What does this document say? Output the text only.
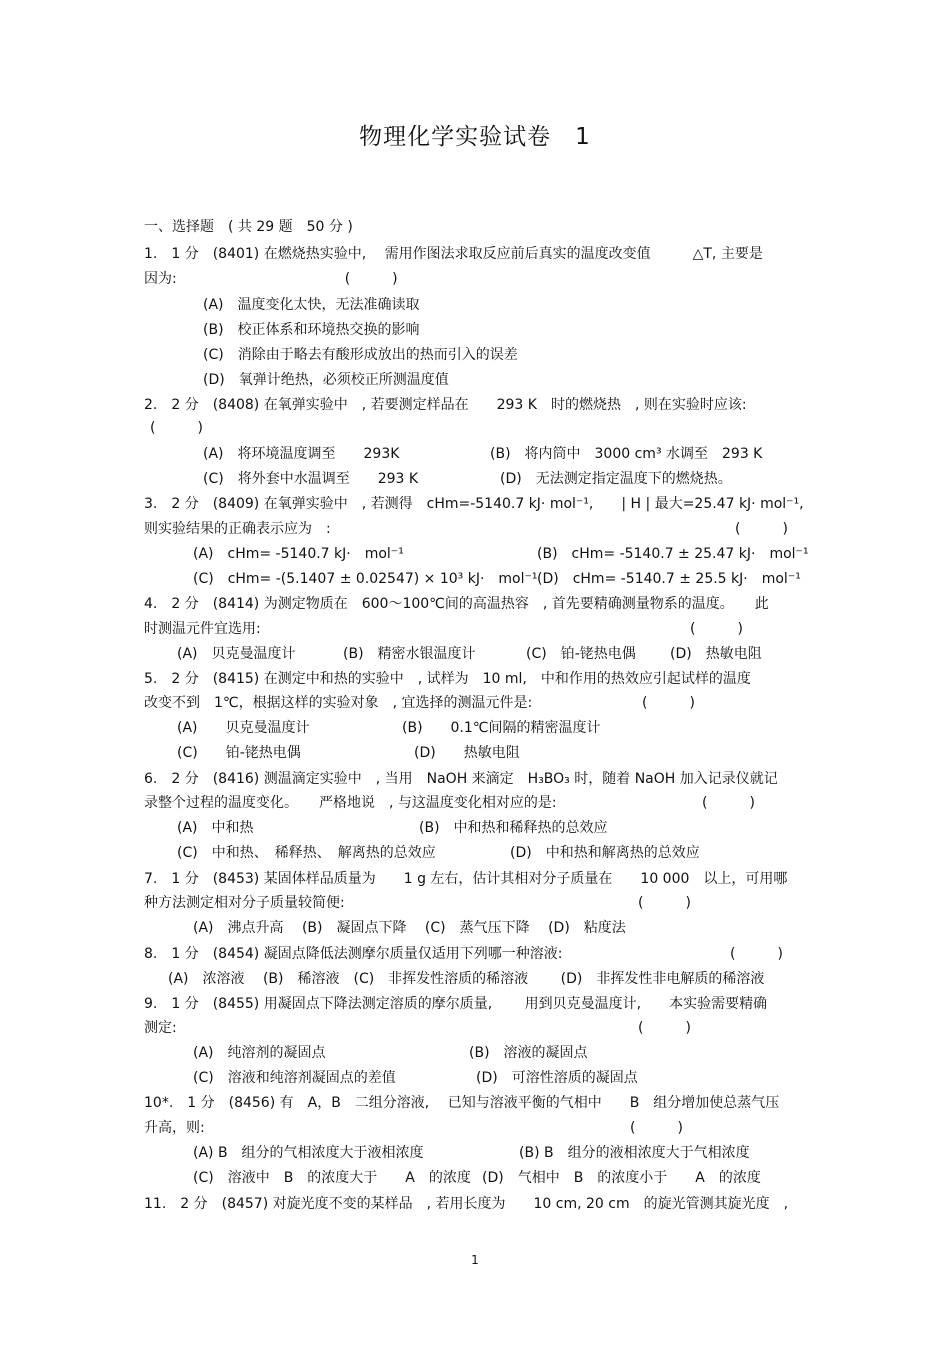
物理化学实验试卷　1
一、选择题　( 共 29 题　50 分 )
1.　1 分　(8401) 在燃烧热实验中,　 需用作图法求取反应前后真实的温度改变值　　　△T, 主要是
因为:　　　　　　　　　　　　(　　　)
(A)　温度变化太快，无法准确读取
(B)　校正体系和环境热交换的影响
(C)　消除由于略去有酸形成放出的热而引入的误差
(D)　氧弹计绝热，必须校正所测温度值
2.　2 分　(8408) 在氧弹实验中　, 若要测定样品在　　293 K　时的燃烧热　, 则在实验时应该:
(　　　)
(A)　将环境温度调至　　293K	(B)　将内筒中　3000 cm³ 水调至　293 K
(C)　将外套中水温调至　　293 K	(D)　无法测定指定温度下的燃烧热。
3.　2 分　(8409) 在氧弹实验中　, 若测得　cHm=-5140.7 kJ· mol⁻¹,　　| H | 最大=25.47 kJ· mol⁻¹,
则实验结果的正确表示应为　:	(　　　)
(A)　cHm= -5140.7 kJ·　mol⁻¹	(B)　cHm= -5140.7 ± 25.47 kJ·　mol⁻¹
(C)　cHm= -(5.1407 ± 0.02547) × 10³ kJ·　mol⁻¹ (D)　cHm= -5140.7 ± 25.5 kJ·　mol⁻¹
4.　2 分　(8414) 为测定物质在　600～100℃间的高温热容　, 首先要精确测量物系的温度。　　此
时测温元件宜选用:	(　　　)
(A)　贝克曼温度计	(B)　精密水银温度计	(C)　铂-铑热电偶 (D)　热敏电阻
5.　2 分　(8415) 在测定中和热的实验中　, 试样为　10 ml,　中和作用的热效应引起试样的温度
改变不到　1℃，根据这样的实验对象　, 宜选择的测温元件是:	(　　　)
(A)　　贝克曼温度计	(B)　　0.1℃间隔的精密温度计
(C)　　铂-铑热电偶	(D)　　热敏电阻
6.　2 分　(8416) 测温滴定实验中　, 当用　NaOH 来滴定　H₃BO₃ 时，随着 NaOH 加入记录仪就记
录整个过程的温度变化。　　严格地说　, 与这温度变化相对应的是:	(　　　)
(A)　中和热	(B)　中和热和稀释热的总效应
(C)　中和热、　稀释热、　解离热的总效应	(D)　中和热和解离热的总效应
7.　1 分　(8453) 某固体样品质量为　　1 g 左右，估计其相对分子质量在　　10 000　以上，可用哪
种方法测定相对分子质量较简便:	(　　　)
(A)　沸点升高　 (B)　凝固点下降　 (C)　蒸气压下降　 (D)　粘度法
8.　1 分　(8454) 凝固点降低法测摩尔质量仅适用下列哪一种溶液:	(　　　)
(A)　浓溶液　 (B)　稀溶液　(C)　非挥发性溶质的稀溶液　　 (D)　非挥发性非电解质的稀溶液
9.　1 分　(8455) 用凝固点下降法测定溶质的摩尔质量,　　 用到贝克曼温度计,　　本实验需要精确
测定:	(　　　)
(A)　纯溶剂的凝固点	(B)　溶液的凝固点
(C)　溶液和纯溶剂凝固点的差值	(D)　可溶性溶质的凝固点
10*.　1 分　(8456) 有　A，B　二组分溶液,　 已知与溶液平衡的气相中　　B　组分增加使总蒸气压
升高，则:	(　　　)
(A) B　组分的气相浓度大于液相浓度	(B) B　组分的液相浓度大于气相浓度
(C)　溶液中　B　的浓度大于　　A　的浓度 (D)　气相中　B　的浓度小于　　A　的浓度
11.　2 分　(8457) 对旋光度不变的某样品　, 若用长度为　　10 cm, 20 cm　的旋光管测其旋光度　,
1
